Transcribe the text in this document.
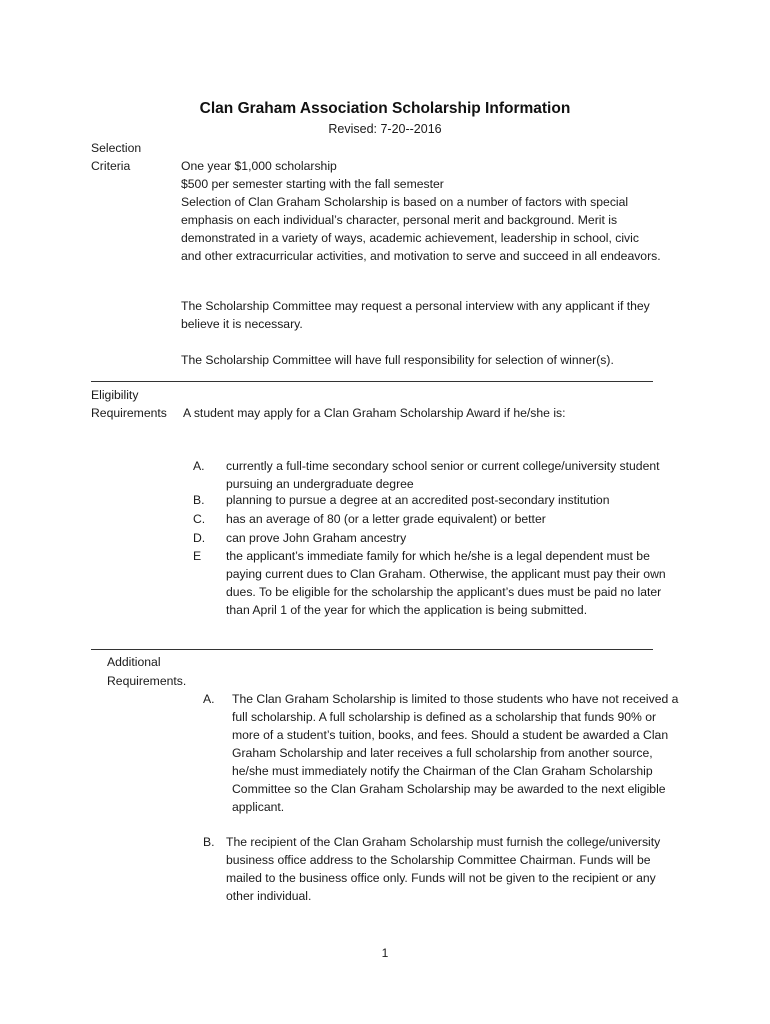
Clan Graham Association Scholarship Information
Revised: 7-20--2016
Selection
Criteria	One year $1,000 scholarship
$500 per semester starting with the fall semester
Selection of Clan Graham Scholarship is based on a number of factors with special emphasis on each individual’s character, personal merit and background. Merit is demonstrated in a variety of ways, academic achievement, leadership in school, civic and other extracurricular activities, and motivation to serve and succeed in all endeavors.
The Scholarship Committee may request a personal interview with any applicant if they believe it is necessary.
The Scholarship Committee will have full responsibility for selection of winner(s).
Eligibility
Requirements A student may apply for a Clan Graham Scholarship Award if he/she is:
A. currently a full-time secondary school senior or current college/university student pursuing an undergraduate degree
B. planning to pursue a degree at an accredited post-secondary institution
C. has an average of 80 (or a letter grade equivalent) or better
D. can prove John Graham ancestry
E the applicant’s immediate family for which he/she is a legal dependent must be paying current dues to Clan Graham. Otherwise, the applicant must pay their own dues. To be eligible for the scholarship the applicant’s dues must be paid no later than April 1 of the year for which the application is being submitted.
Additional
Requirements.
A. The Clan Graham Scholarship is limited to those students who have not received a full scholarship. A full scholarship is defined as a scholarship that funds 90% or more of a student’s tuition, books, and fees. Should a student be awarded a Clan Graham Scholarship and later receives a full scholarship from another source, he/she must immediately notify the Chairman of the Clan Graham Scholarship Committee so the Clan Graham Scholarship may be awarded to the next eligible applicant.
B. The recipient of the Clan Graham Scholarship must furnish the college/university business office address to the Scholarship Committee Chairman. Funds will be mailed to the business office only. Funds will not be given to the recipient or any other individual.
1
